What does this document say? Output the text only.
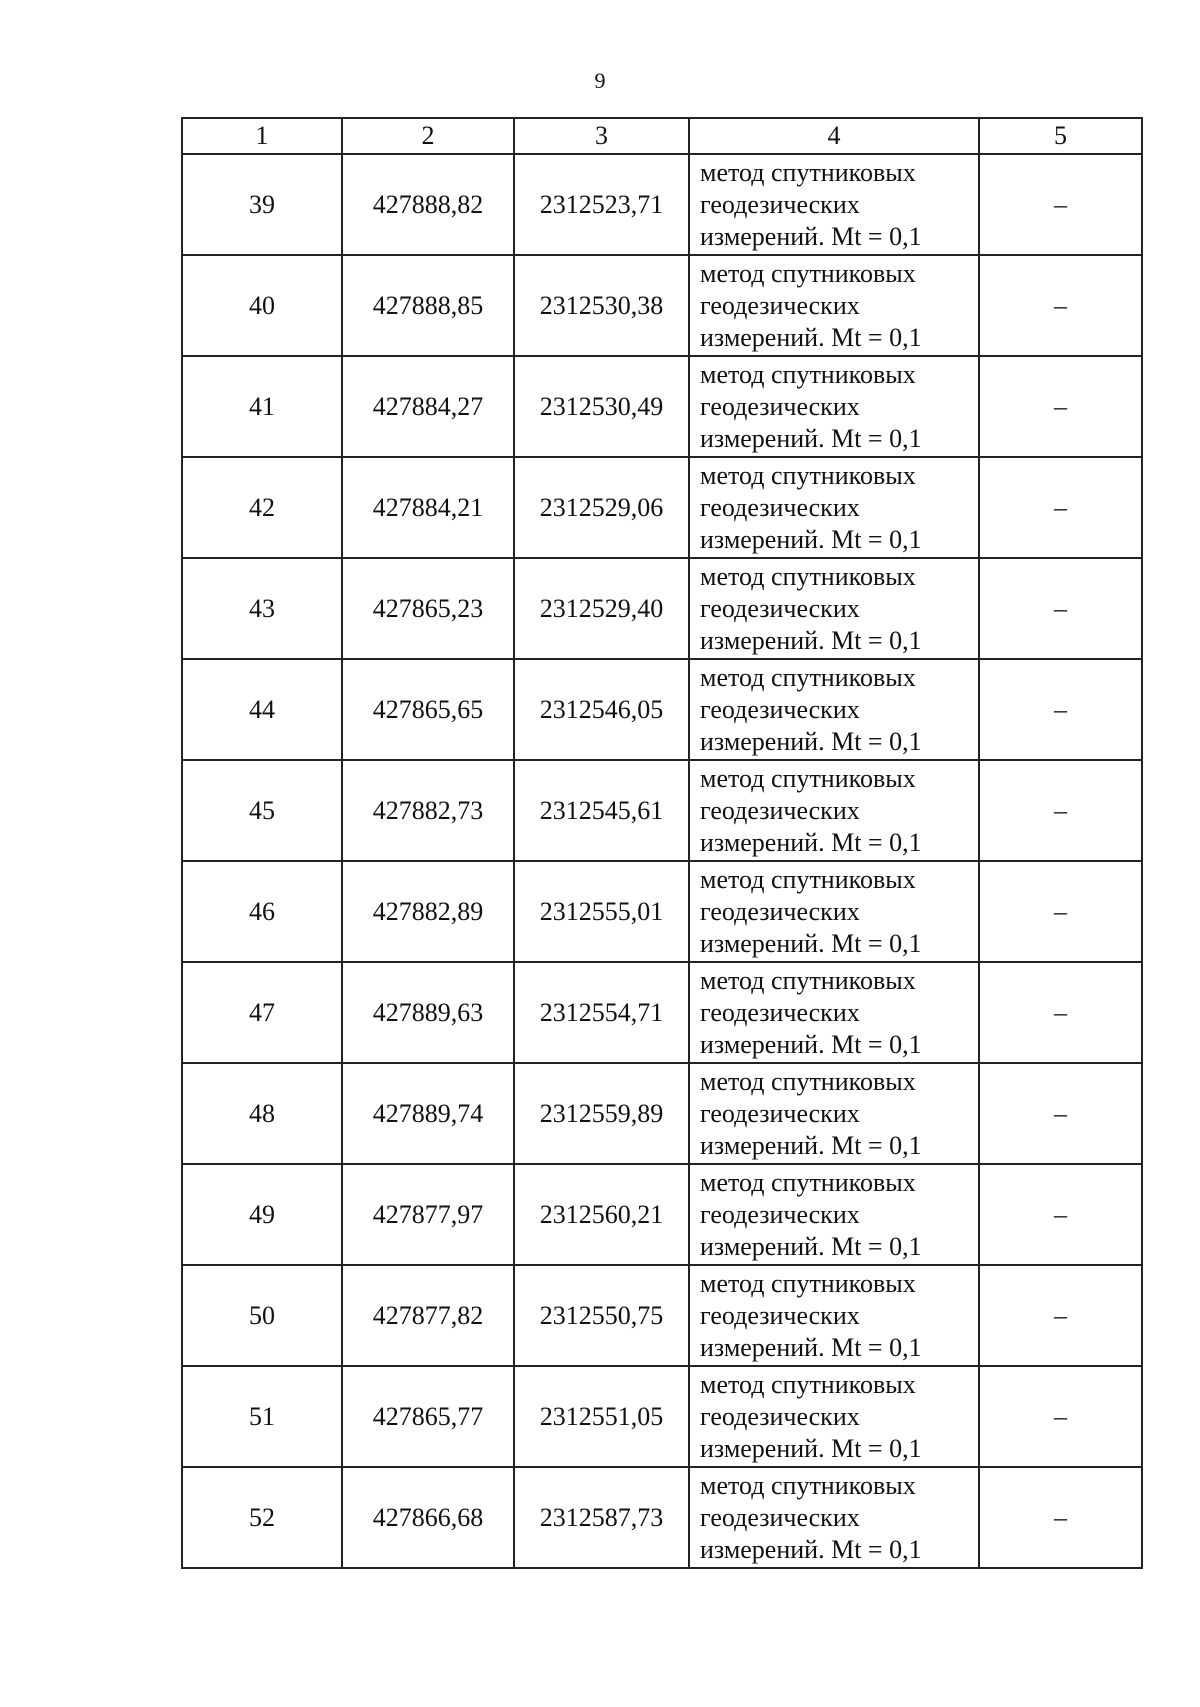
9
1	2	3	4	5
39	427888,82	2312523,71	метод спутниковых
геодезических
измерений. Mt = 0,1	–
40	427888,85	2312530,38	метод спутниковых
геодезических
измерений. Mt = 0,1	–
41	427884,27	2312530,49	метод спутниковых
геодезических
измерений. Mt = 0,1	–
42	427884,21	2312529,06	метод спутниковых
геодезических
измерений. Mt = 0,1	–
43	427865,23	2312529,40	метод спутниковых
геодезических
измерений. Mt = 0,1	–
44	427865,65	2312546,05	метод спутниковых
геодезических
измерений. Mt = 0,1	–
45	427882,73	2312545,61	метод спутниковых
геодезических
измерений. Mt = 0,1	–
46	427882,89	2312555,01	метод спутниковых
геодезических
измерений. Mt = 0,1	–
47	427889,63	2312554,71	метод спутниковых
геодезических
измерений. Mt = 0,1	–
48	427889,74	2312559,89	метод спутниковых
геодезических
измерений. Mt = 0,1	–
49	427877,97	2312560,21	метод спутниковых
геодезических
измерений. Mt = 0,1	–
50	427877,82	2312550,75	метод спутниковых
геодезических
измерений. Mt = 0,1	–
51	427865,77	2312551,05	метод спутниковых
геодезических
измерений. Mt = 0,1	–
52	427866,68	2312587,73	метод спутниковых
геодезических
измерений. Mt = 0,1	–
